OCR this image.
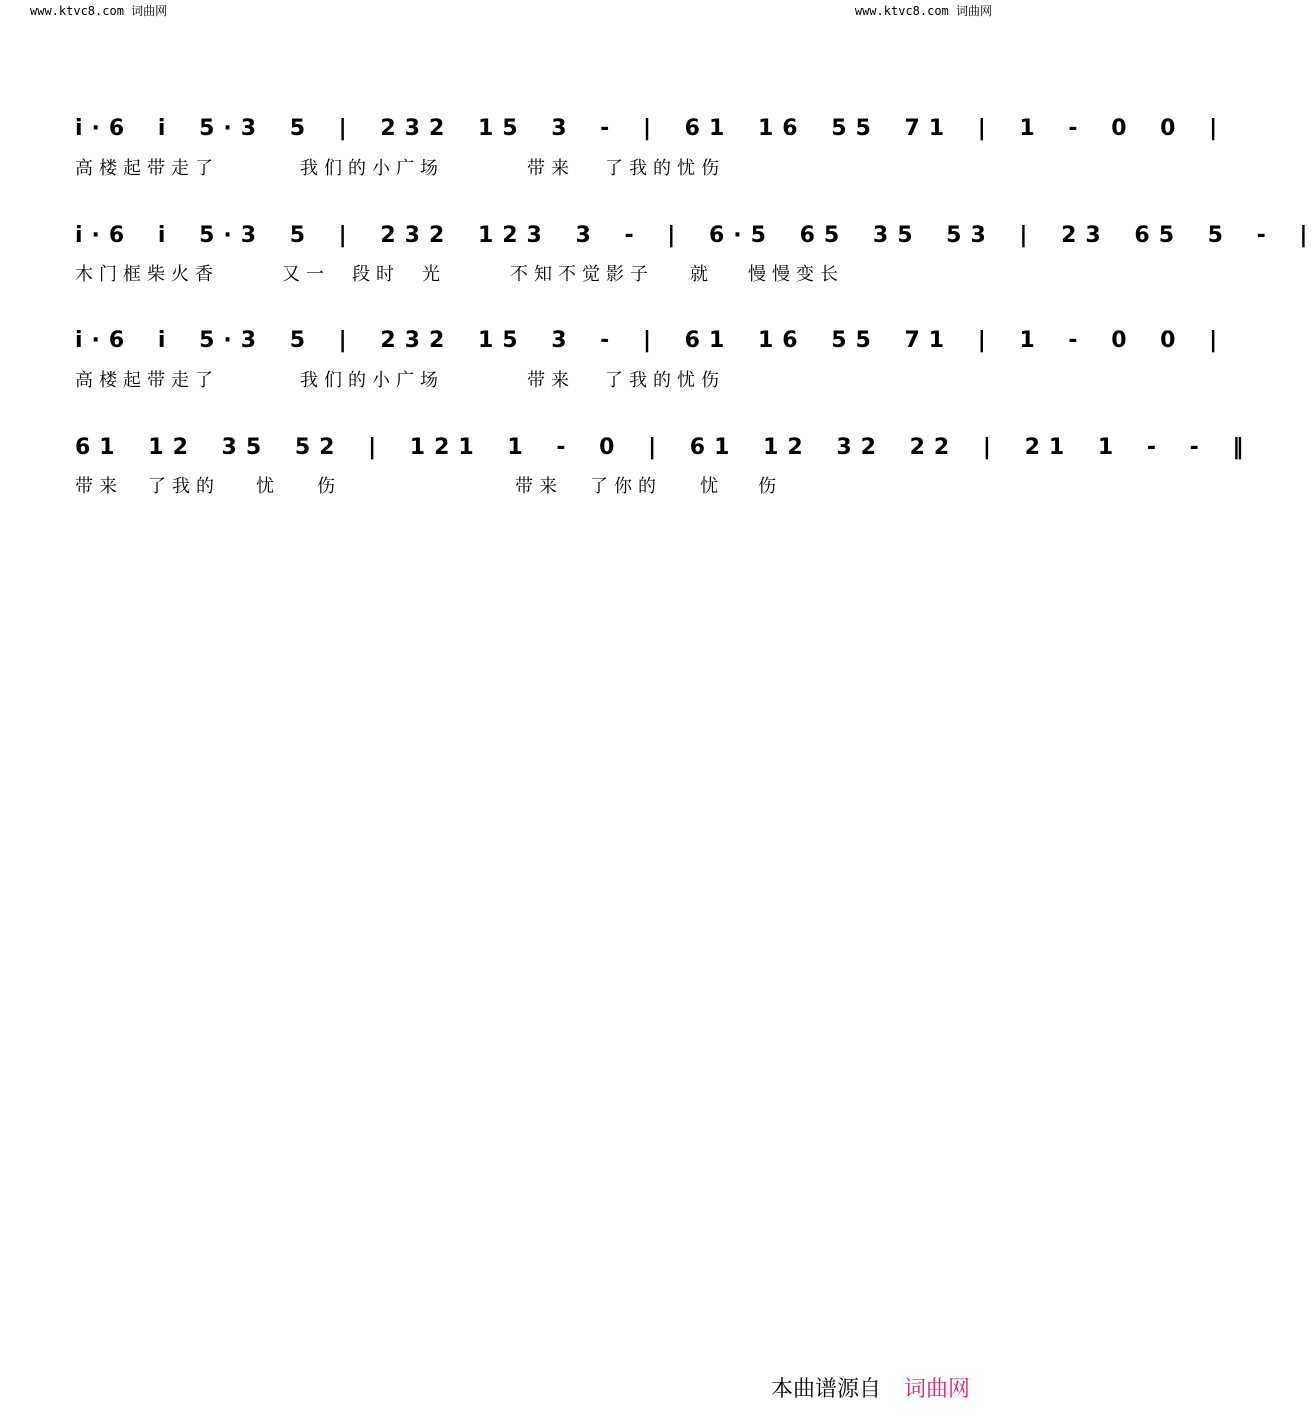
www.ktvc8.com 词曲网	www.ktvc8.com 词曲网
i·6 i 5·3 5 | 232 15 3 - | 61 16 55 71 | 1 - 0 0 |
高楼起带走了	我们的小广场	带来 了我的忧伤
i·6 i 5·3 5 | 232 123 3 - | 6·5 65 35 53 | 23 65 5 - |
木门框柴火香	又一 段时 光	不知不觉影子 就 慢慢变长
i·6 i 5·3 5 | 232 15 3 - | 61 16 55 71 | 1 - 0 0 |
高楼起带走了	我们的小广场	带来 了我的忧伤
61 12 35 52 | 121 1 - 0 | 61 12 32 22 | 21 1 - - ‖
带来 了我的 忧 伤	带来 了你的 忧 伤
本曲谱源自 词曲网
